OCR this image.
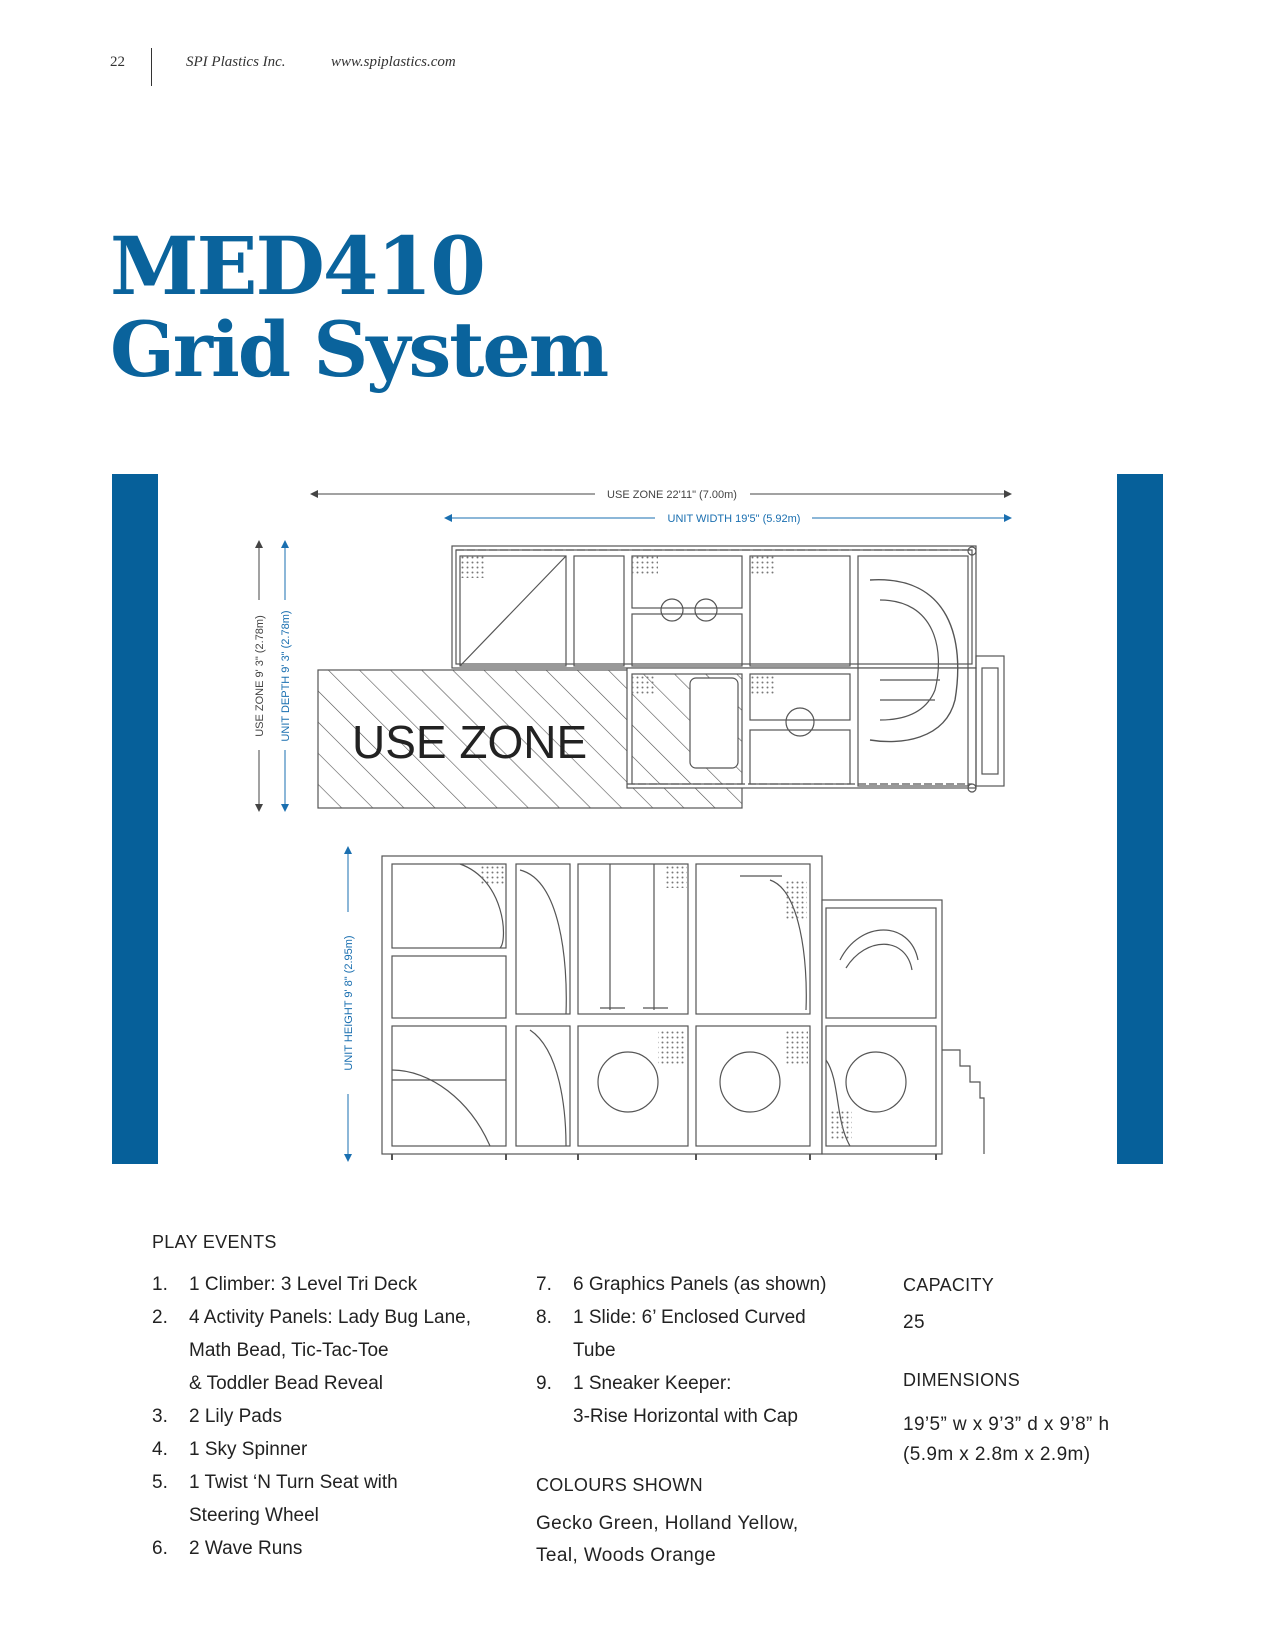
22	SPI Plastics Inc.	www.spiplastics.com
MED410
Grid System
USE ZONE 22'11" (7.00m)
UNIT WIDTH 19'5" (5.92m)
USE ZONE 9' 3" (2.78m) UNIT DEPTH 9' 3" (2.78m)
USE ZONE
UNIT HEIGHT 9' 8" (2.95m)
PLAY EVENTS
1. 1 Climber: 3 Level Tri Deck
2. 4 Activity Panels: Lady Bug Lane,
Math Bead, Tic-Tac-Toe
& Toddler Bead Reveal
3. 2 Lily Pads
4. 1 Sky Spinner
5. 1 Twist ‘N Turn Seat with
Steering Wheel
6. 2 Wave Runs
7. 6 Graphics Panels (as shown)
8. 1 Slide: 6’ Enclosed Curved
Tube
9. 1 Sneaker Keeper:
3-Rise Horizontal with Cap
COLOURS SHOWN
Gecko Green, Holland Yellow,
Teal, Woods Orange
CAPACITY
25
DIMENSIONS
19’5” w x 9’3” d x 9’8” h
(5.9m x 2.8m x 2.9m)
